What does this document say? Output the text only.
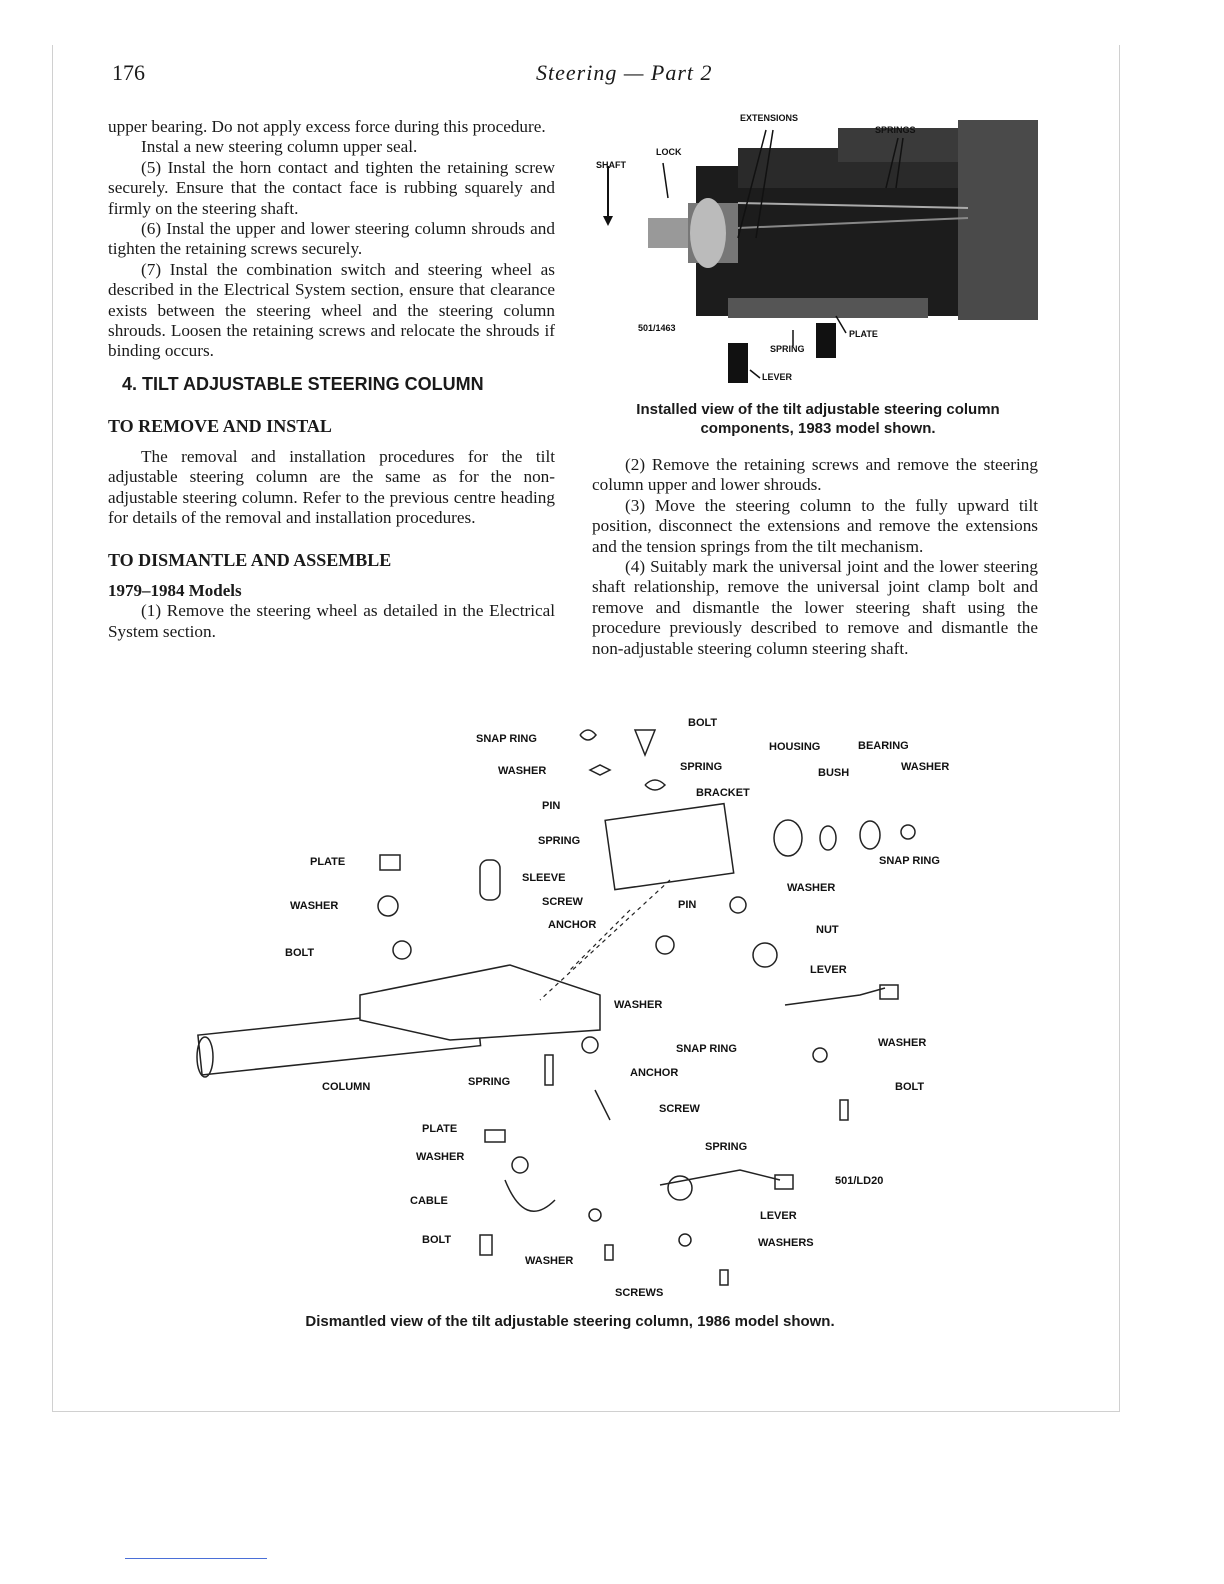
176	Steering — Part 2

upper bearing. Do not apply excess force during this procedure.

Instal a new steering column upper seal.

(5) Instal the horn contact and tighten the retaining screw securely. Ensure that the contact face is rubbing squarely and firmly on the steering shaft.

(6) Instal the upper and lower steering column shrouds and tighten the retaining screws securely.

(7) Instal the combination switch and steering wheel as described in the Electrical System section, ensure that clearance exists between the steering wheel and the steering column shrouds. Loosen the retaining screws and relocate the shrouds if binding occurs.

4. TILT ADJUSTABLE STEERING COLUMN
TO REMOVE AND INSTAL

The removal and installation procedures for the tilt adjustable steering column are the same as for the non-adjustable steering column. Refer to the previous centre heading for details of the removal and installation procedures.

TO DISMANTLE AND ASSEMBLE
1979–1984 Models

(1) Remove the steering wheel as detailed in the Electrical System section.

EXTENSIONS
SPRINGS
LOCK
SHAFT
501/1463
SPRING
PLATE
LEVER
Installed view of the tilt adjustable steering column components, 1983 model shown.

(2) Remove the retaining screws and remove the steering column upper and lower shrouds.

(3) Move the steering column to the fully upward tilt position, disconnect the extensions and remove the extensions and the tension springs from the tilt mechanism.

(4) Suitably mark the universal joint and the lower steering shaft relationship, remove the universal joint clamp bolt and remove and dismantle the lower steering shaft using the procedure previously described to remove and dismantle the non-adjustable steering column steering shaft.

SNAP RING
BOLT
WASHER	SPRING
PIN
BRACKET
HOUSING	BEARING
BUSH	WASHER
SNAP RING
SPRING
PLATE
SLEEVE
WASHER	SCREW
ANCHOR
PIN
WASHER
NUT
BOLT
LEVER
WASHER
SNAP RING	WASHER
COLUMN	SPRING
ANCHOR
BOLT
SCREW
PLATE
SPRING
WASHER
501/LD20
CABLE
LEVER
BOLT	WASHERS
WASHER
SCREWS
Dismantled view of the tilt adjustable steering column, 1986 model shown.
